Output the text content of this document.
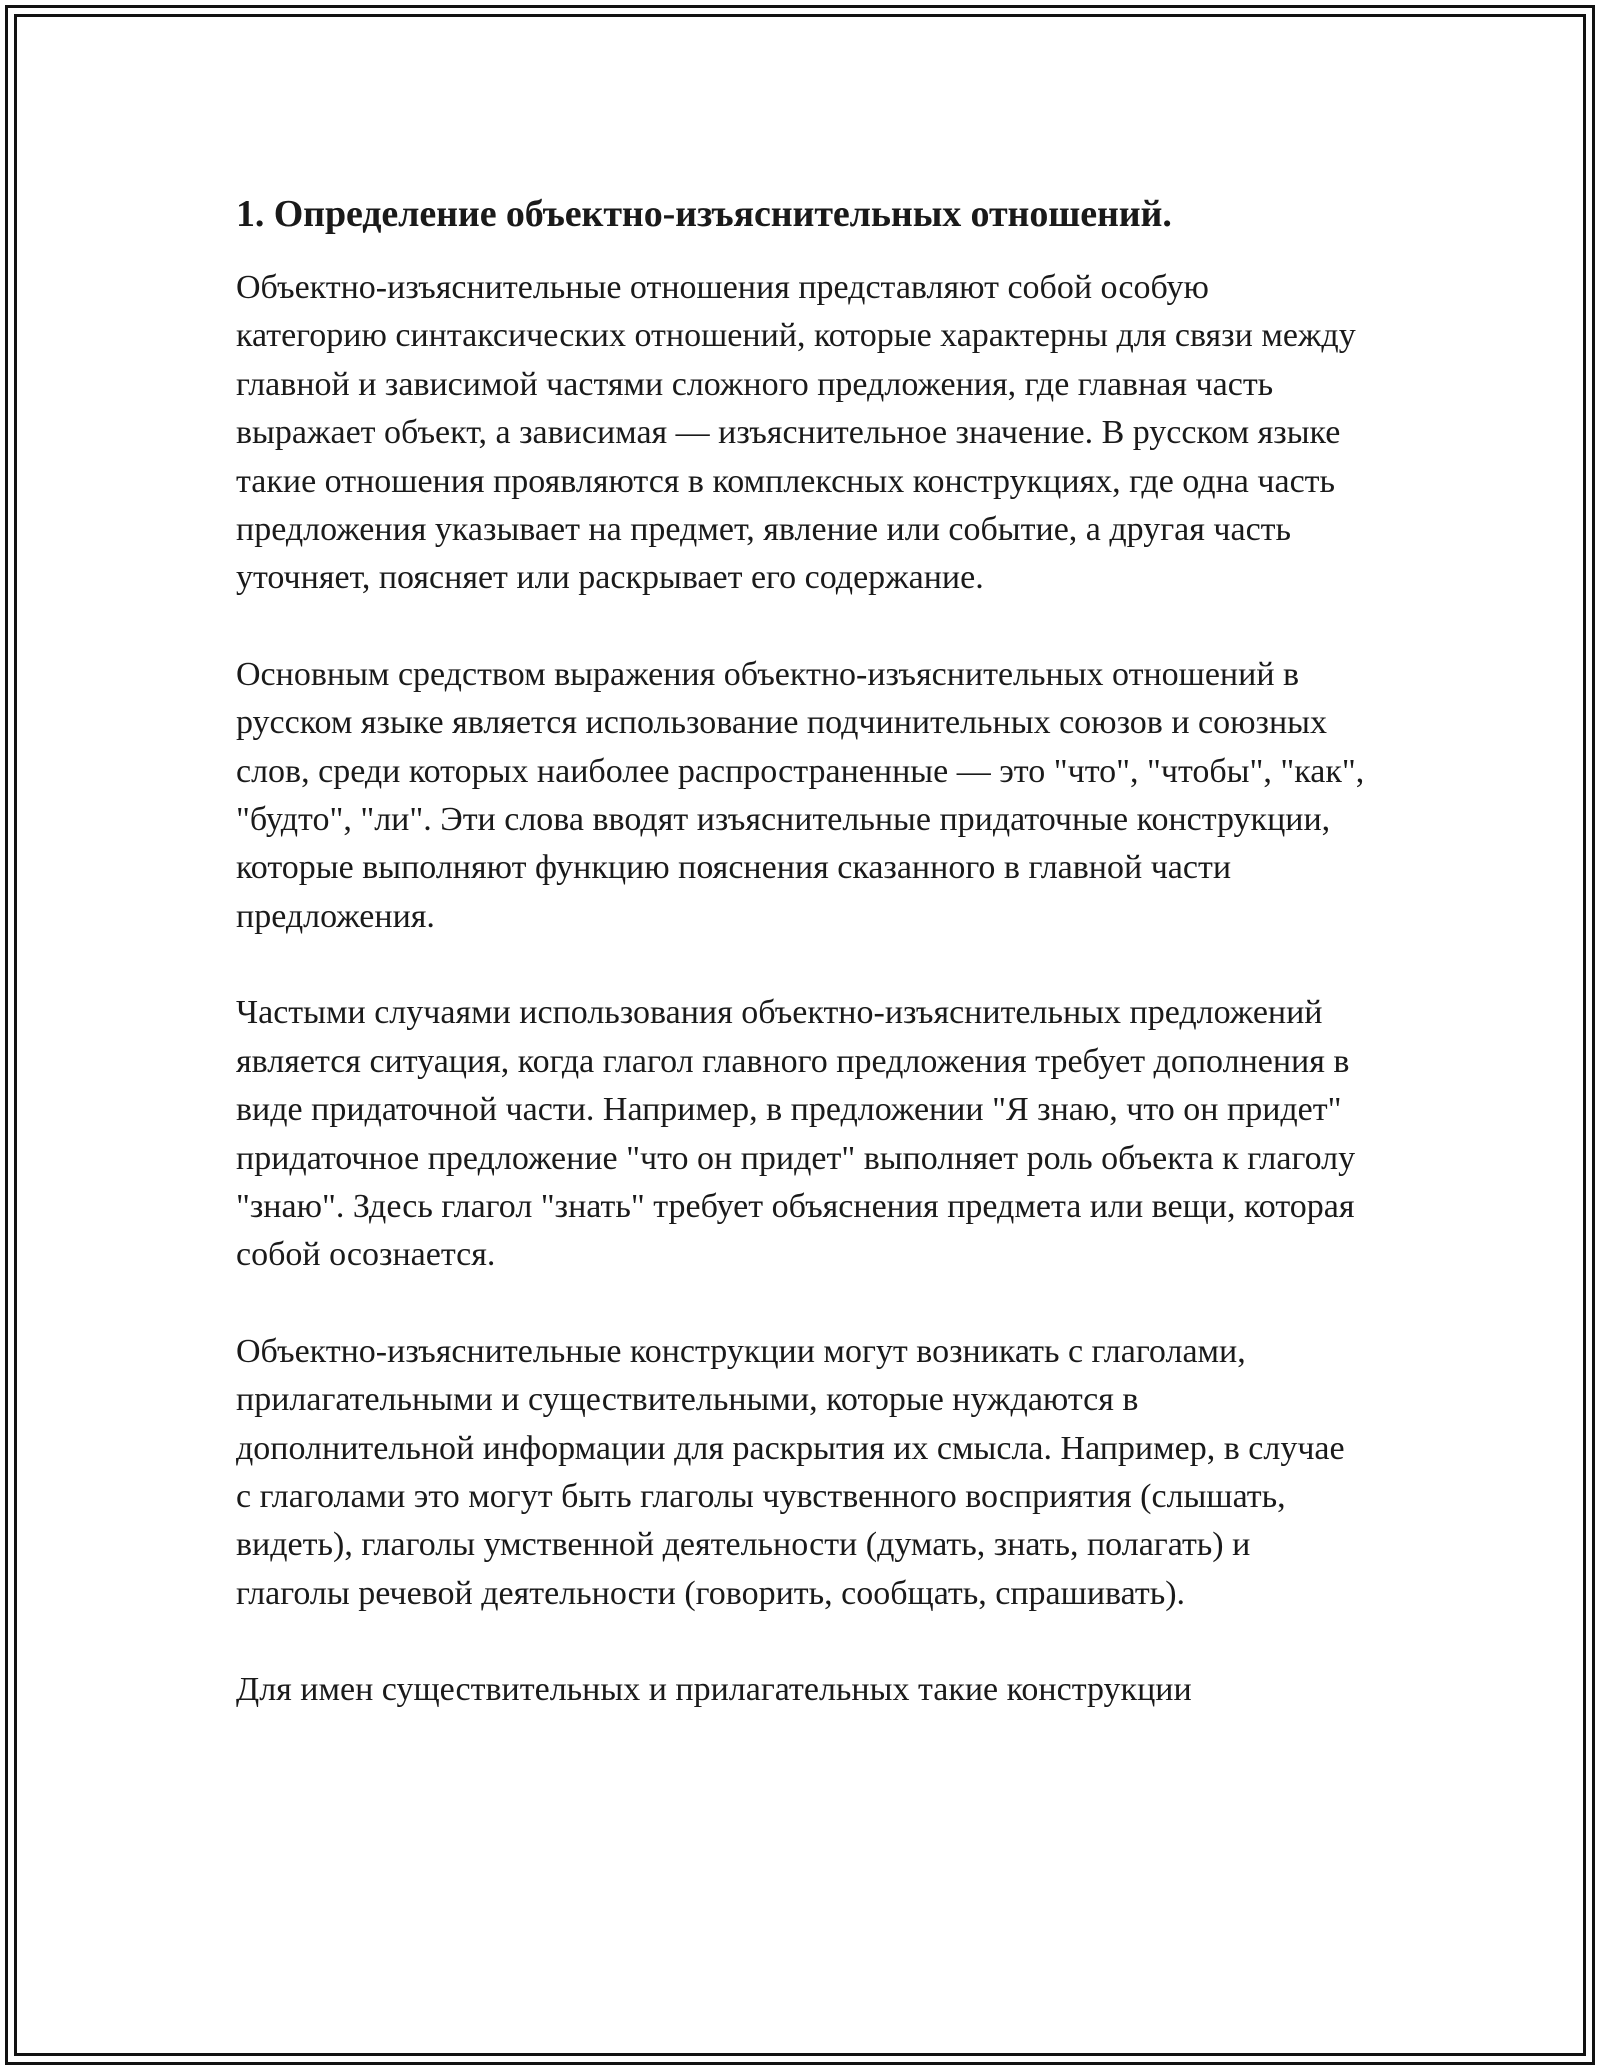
1. Определение объектно-изъяснительных отношений.

Объектно-изъяснительные отношения представляют собой особую категорию синтаксических отношений, которые характерны для связи между главной и зависимой частями сложного предложения, где главная часть выражает объект, а зависимая — изъяснительное значение. В русском языке такие отношения проявляются в комплексных конструкциях, где одна часть предложения указывает на предмет, явление или событие, а другая часть уточняет, поясняет или раскрывает его содержание.

Основным средством выражения объектно-изъяснительных отношений в русском языке является использование подчинительных союзов и союзных слов, среди которых наиболее распространенные — это "что", "чтобы", "как", "будто", "ли". Эти слова вводят изъяснительные придаточные конструкции, которые выполняют функцию пояснения сказанного в главной части предложения.

Частыми случаями использования объектно-изъяснительных предложений является ситуация, когда глагол главного предложения требует дополнения в виде придаточной части. Например, в предложении "Я знаю, что он придет" придаточное предложение "что он придет" выполняет роль объекта к глаголу "знаю". Здесь глагол "знать" требует объяснения предмета или вещи, которая собой осознается.

Объектно-изъяснительные конструкции могут возникать с глаголами, прилагательными и существительными, которые нуждаются в дополнительной информации для раскрытия их смысла. Например, в случае с глаголами это могут быть глаголы чувственного восприятия (слышать, видеть), глаголы умственной деятельности (думать, знать, полагать) и глаголы речевой деятельности (говорить, сообщать, спрашивать).

Для имен существительных и прилагательных такие конструкции
